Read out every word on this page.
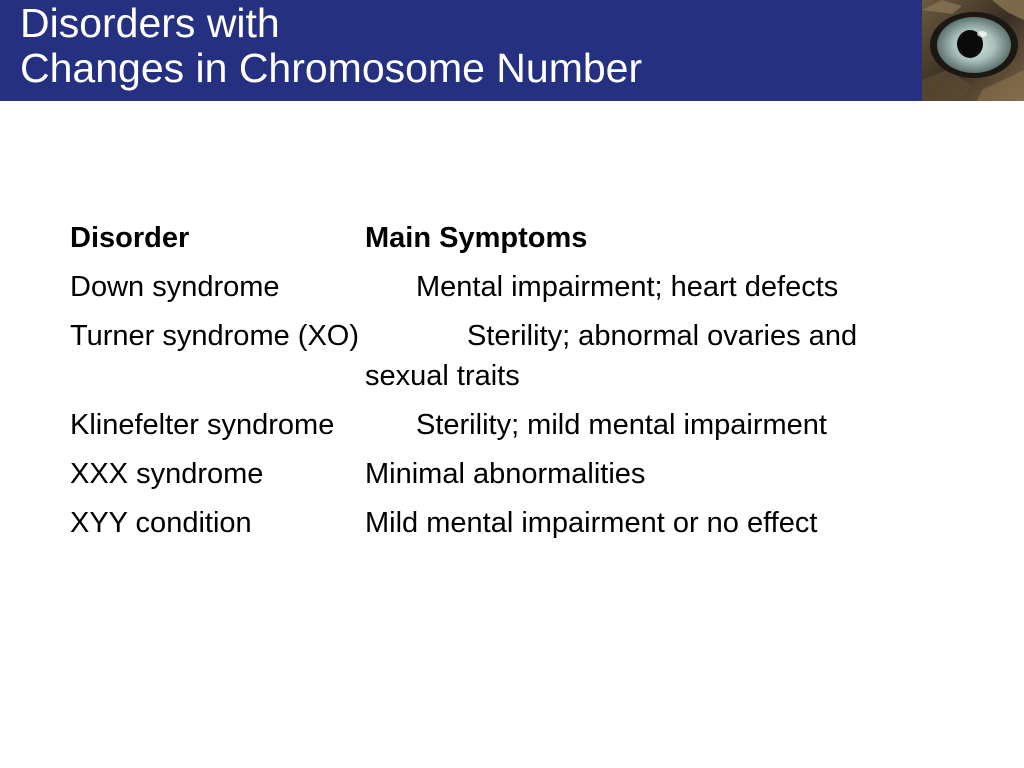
Disorders with
Changes in Chromosome Number
Disorder	Main Symptoms
Down syndrome	Mental impairment; heart defects
Turner syndrome (XO)	Sterility; abnormal ovaries and
sexual traits
Klinefelter syndrome	Sterility; mild mental impairment
XXX syndrome	Minimal abnormalities
XYY condition	Mild mental impairment or no effect
